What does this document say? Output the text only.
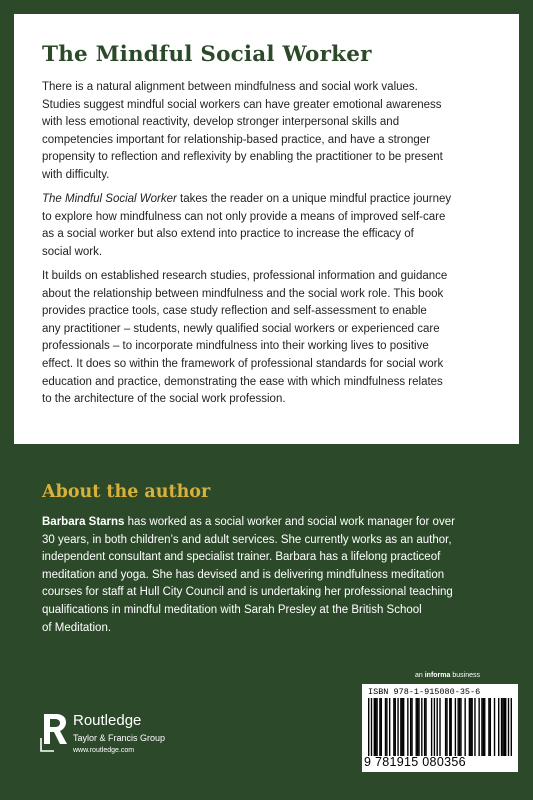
The Mindful Social Worker
There is a natural alignment between mindfulness and social work values.
Studies suggest mindful social workers can have greater emotional awareness
with less emotional reactivity, develop stronger interpersonal skills and
competencies important for relationship-based practice, and have a stronger
propensity to reflection and reflexivity by enabling the practitioner to be present
with difficulty.
The Mindful Social Worker takes the reader on a unique mindful practice journey
to explore how mindfulness can not only provide a means of improved self-care
as a social worker but also extend into practice to increase the efficacy of
social work.
It builds on established research studies, professional information and guidance
about the relationship between mindfulness and the social work role. This book
provides practice tools, case study reflection and self-assessment to enable
any practitioner – students, newly qualified social workers or experienced care
professionals – to incorporate mindfulness into their working lives to positive
effect. It does so within the framework of professional standards for social work
education and practice, demonstrating the ease with which mindfulness relates
to the architecture of the social work profession.
About the author
Barbara Starns has worked as a social worker and social work manager for over
30 years, in both children’s and adult services. She currently works as an author,
independent consultant and specialist trainer. Barbara has a lifelong practiceof
meditation and yoga. She has devised and is delivering mindfulness meditation
courses for staff at Hull City Council and is undertaking her professional teaching
qualifications in mindful meditation with Sarah Presley at the British School
of Meditation.
Routledge
Taylor & Francis Group
www.routledge.com
an informa business
ISBN 978-1-915080-35-6
9 781915 080356
